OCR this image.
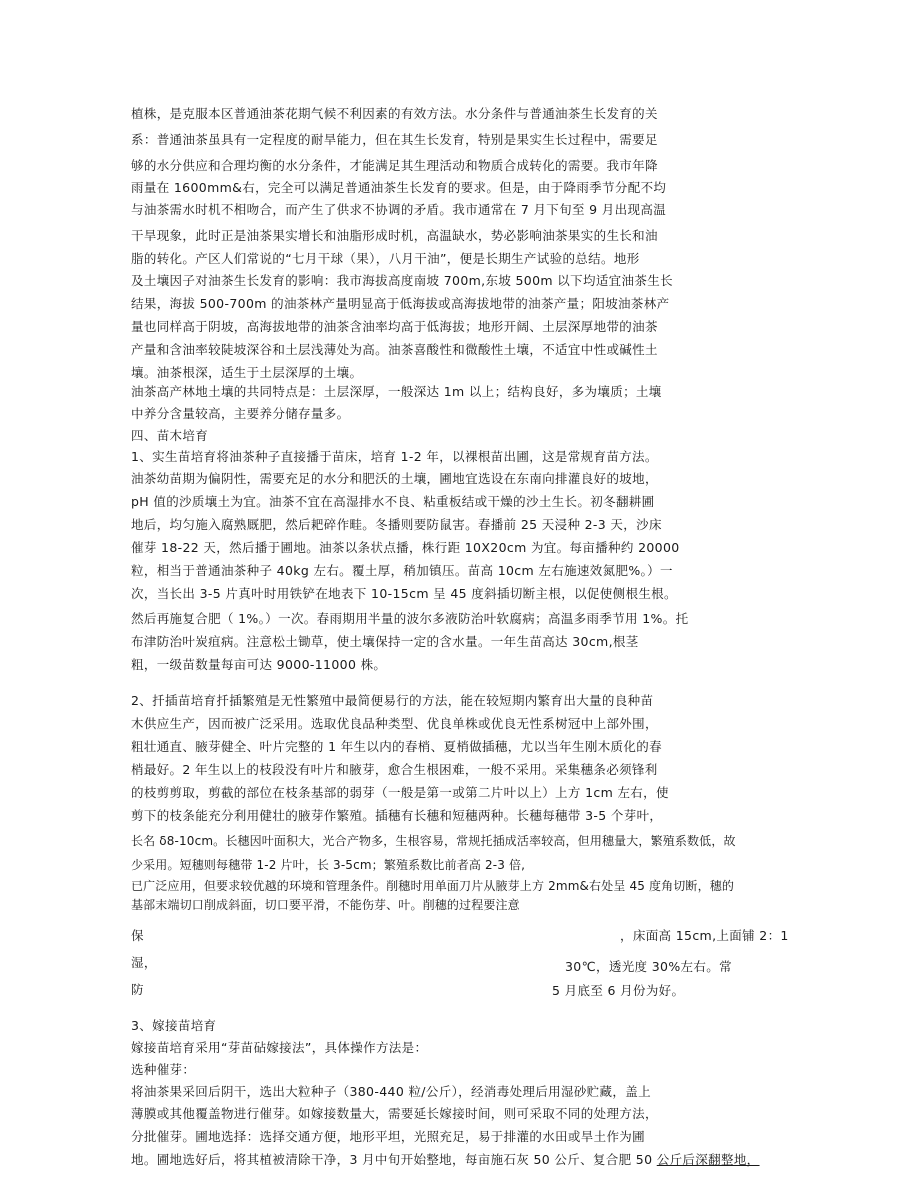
植株，是克服本区普通油茶花期气候不利因素的有效方法。水分条件与普通油茶生长发育的关
系：普通油茶虽具有一定程度的耐旱能力，但在其生长发育，特别是果实生长过程中，需要足
够的水分供应和合理均衡的水分条件，才能满足其生理活动和物质合成转化的需要。我市年降
雨量在 1600mm&右，完全可以满足普通油茶生长发育的要求。但是，由于降雨季节分配不均
与油茶需水时机不相吻合，而产生了供求不协调的矛盾。我市通常在 7 月下旬至 9 月出现高温
干旱现象，此时正是油茶果实增长和油脂形成时机，高温缺水，势必影响油茶果实的生长和油
脂的转化。产区人们常说的“七月干球（果），八月干油”，便是长期生产试验的总结。地形
及土壤因子对油茶生长发育的影响：我市海拔高度南坡 700m,东坡 500m 以下均适宜油茶生长
结果，海拔 500-700m 的油茶林产量明显高于低海拔或高海拔地带的油茶产量；阳坡油茶林产
量也同样高于阴坡，高海拔地带的油茶含油率均高于低海拔；地形开阔、土层深厚地带的油茶
产量和含油率较陡坡深谷和土层浅薄处为高。油茶喜酸性和微酸性土壤，不适宜中性或碱性土
壤。油茶根深，适生于土层深厚的土壤。
油茶高产林地土壤的共同特点是：土层深厚，一般深达 1m 以上；结构良好，多为壤质；土壤
中养分含量较高，主要养分储存量多。
四、苗木培育
1、实生苗培育将油茶种子直接播于苗床，培育 1-2 年，以裸根苗出圃，这是常规育苗方法。
油茶幼苗期为偏阴性，需要充足的水分和肥沃的土壤，圃地宜选设在东南向排灌良好的坡地，
pH 值的沙质壤土为宜。油茶不宜在高湿排水不良、粘重板结或干燥的沙土生长。初冬翻耕圃
地后，均匀施入腐熟厩肥，然后耙碎作畦。冬播则要防鼠害。春播前 25 天浸种 2-3 天，沙床
催芽 18-22 天，然后播于圃地。油茶以条状点播，株行距 10X20cm 为宜。每亩播种约 20000
粒，相当于普通油茶种子 40kg 左右。覆土厚，稍加镇压。苗高 10cm 左右施速效氮肥%。）一
次，当长出 3-5 片真叶时用铁铲在地表下 10-15cm 呈 45 度斜插切断主根，以促使侧根生根。
然后再施复合肥（ 1%。）一次。春雨期用半量的波尔多液防治叶软腐病；高温多雨季节用 1%。托
布津防治叶炭疽病。注意松土锄草，使土壤保持一定的含水量。一年生苗高达 30cm,根茎
粗，一级苗数量每亩可达 9000-11000 株。
2、扦插苗培育扦插繁殖是无性繁殖中最简便易行的方法，能在较短期内繁育出大量的良种苗
木供应生产，因而被广泛采用。选取优良品种类型、优良单株或优良无性系树冠中上部外围，
粗壮通直、腋芽健全、叶片完整的 1 年生以内的春梢、夏梢做插穗，尤以当年生刚木质化的春
梢最好。2 年生以上的枝段没有叶片和腋芽，愈合生根困难，一般不采用。采集穗条必须锋利
的枝剪剪取，剪截的部位在枝条基部的弱芽（一般是第一或第二片叶以上）上方 1cm 左右，使
剪下的枝条能充分利用健壮的腋芽作繁殖。插穗有长穗和短穗两种。长穗每穗带 3-5 个芽叶，
长名 δ8-10cm。长穗因叶面积大，光合产物多，生根容易，常规托插成活率较高，但用穗量大，繁殖系数低，故
少采用。短穗则每穗带 1-2 片叶，长 3-5cm；繁殖系数比前者高 2-3 倍,
已广泛应用，但要求较优越的环境和管理条件。削穗时用单面刀片从腋芽上方 2mm&右处呈 45 度角切断，穗的
基部末端切口削成斜面，切口要平滑，不能伤芽、叶。削穗的过程要注意
保	，床面高 15cm,上面铺 2：1
湿，	30℃，透光度 30%左右。常
防	5 月底至 6 月份为好。
3、嫁接苗培育
嫁接苗培育采用“芽苗砧嫁接法”，具体操作方法是：
选种催芽：
将油茶果采回后阴干，选出大粒种子（380-440 粒/公斤），经消毒处理后用湿砂贮藏，盖上
薄膜或其他覆盖物进行催芽。如嫁接数量大，需要延长嫁接时间，则可采取不同的处理方法，
分批催芽。圃地选择：选择交通方便，地形平坦，光照充足，易于排灌的水田或旱土作为圃
地。圃地选好后，将其植被清除干净，3 月中旬开始整地，每亩施石灰 50 公斤、复合肥 50 公斤后深翻整地，
